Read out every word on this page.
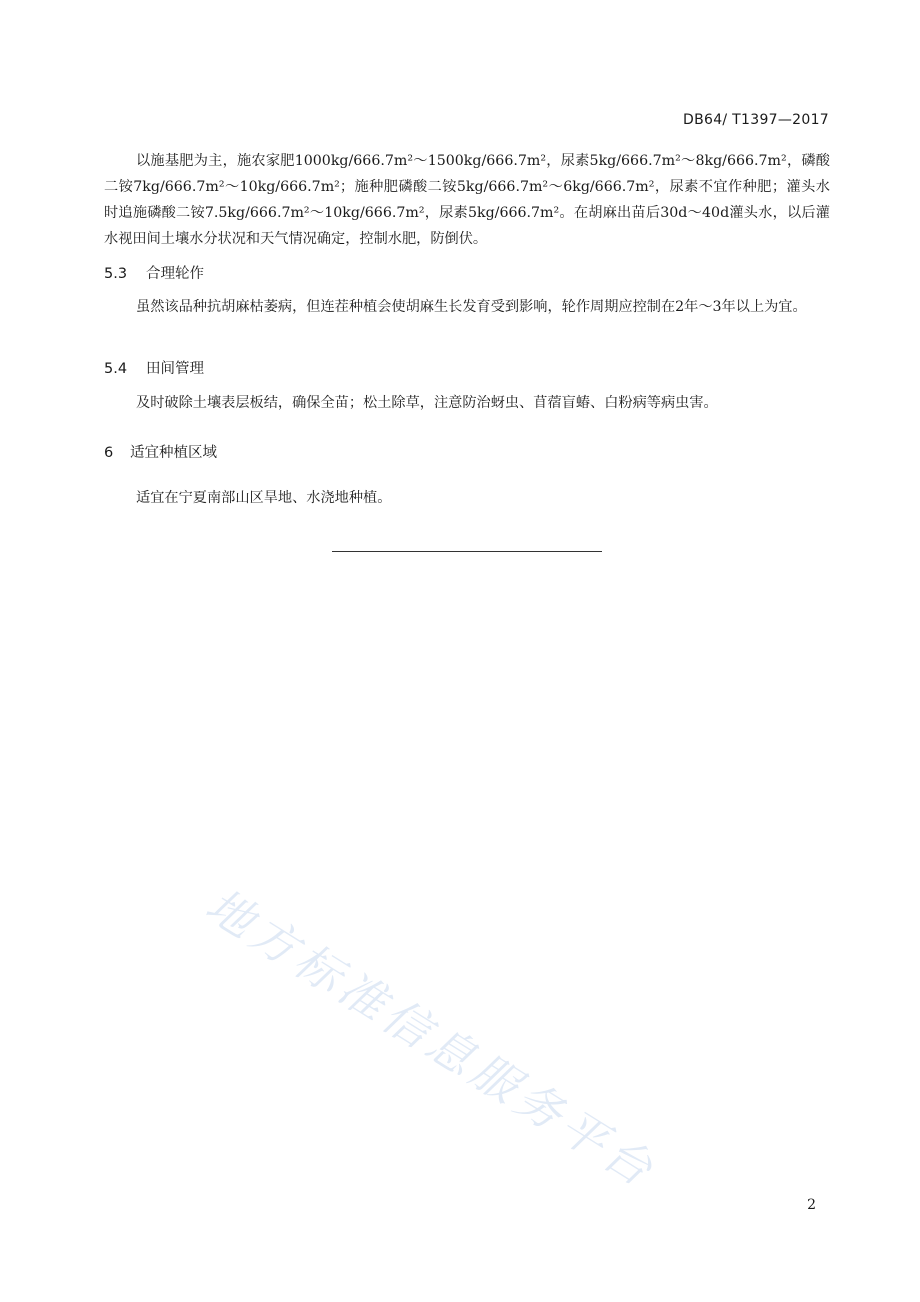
DB64/ T1397—2017

以施基肥为主，施农家肥1000kg/666.7m²～1500kg/666.7m²，尿素5kg/666.7m²～8kg/666.7m²，磷酸二铵7kg/666.7m²～10kg/666.7m²；施种肥磷酸二铵5kg/666.7m²～6kg/666.7m²，尿素不宜作种肥；灌头水时追施磷酸二铵7.5kg/666.7m²～10kg/666.7m²，尿素5kg/666.7m²。在胡麻出苗后30d～40d灌头水，以后灌水视田间土壤水分状况和天气情况确定，控制水肥，防倒伏。

5.3 合理轮作

虽然该品种抗胡麻枯萎病，但连茬种植会使胡麻生长发育受到影响，轮作周期应控制在2年～3年以上为宜。

5.4 田间管理

及时破除土壤表层板结，确保全苗；松土除草，注意防治蚜虫、苜蓿盲蝽、白粉病等病虫害。

6 适宜种植区域

适宜在宁夏南部山区旱地、水浇地种植。

地方标准信息服务平台
2
